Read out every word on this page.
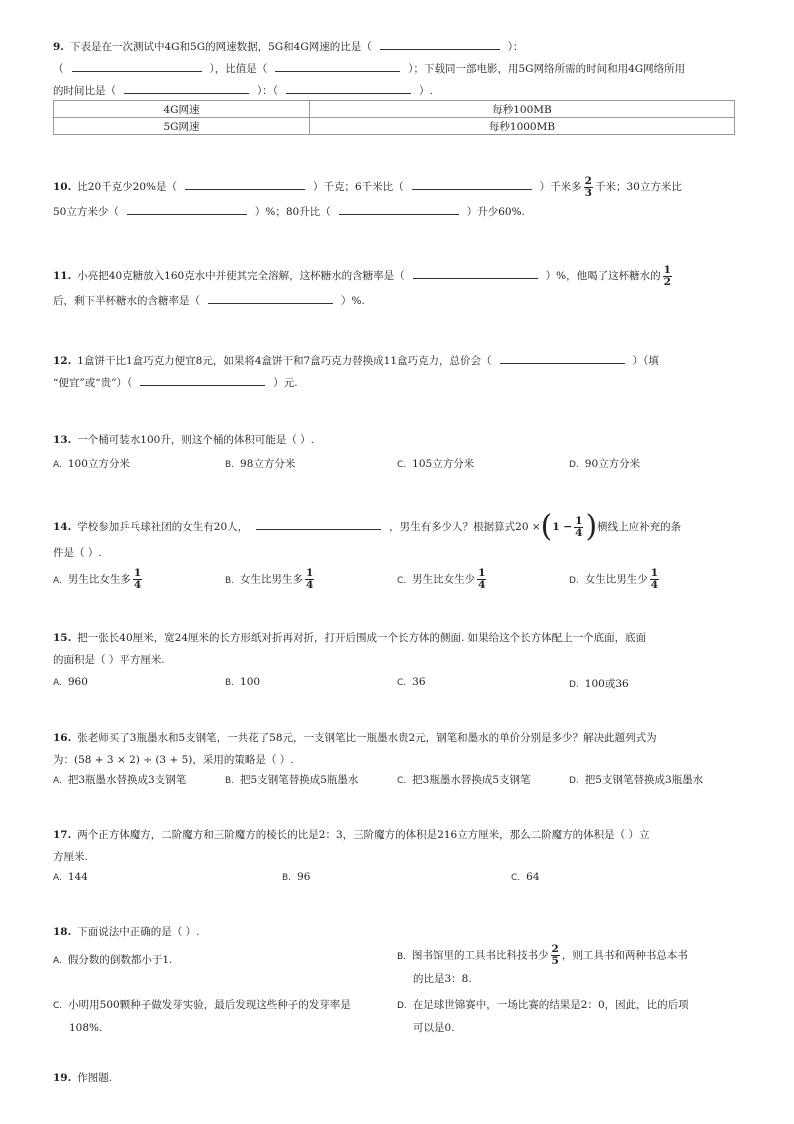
9. 下表是在一次测试中4G和5G的网速数据，5G和4G网速的比是（	）：
（	），比值是（	）；下载同一部电影，用5G网络所需的时间和用4G网络所用
的时间比是（	）：（	）.
4G网速	每秒100MB
5G网速	每秒1000MB
10. 比20千克少20%是（	）千克；6千米比（	）千米多 $\frac{2}{3}$ 千米；30立方米比
50立方米少（	）%；80升比（	）升少60%.
11. 小亮把40克糖放入160克水中并使其完全溶解，这杯糖水的含糖率是（	）%，他喝了这杯糖水的 $\frac{1}{2}$
后，剩下半杯糖水的含糖率是（	）%.
12. 1盒饼干比1盒巧克力便宜8元，如果将4盒饼干和7盒巧克力替换成11盒巧克力，总价会（	）（填
“便宜”或“贵”）（	）元.
13. 一个桶可装水100升，则这个桶的体积可能是（ ）.
A. 100立方分米	B. 98立方分米	C. 105立方分米	D. 90立方分米
14. 学校参加乒乓球社团的女生有20人，	，男生有多少人？根据算式$20 \times(1 - \frac{1}{4}$ )横线上应补充的条
件是（ ）.
A. 男生比女生多 $\frac{1}{4}$	B. 女生比男生多 $\frac{1}{4}$	C. 男生比女生少 $\frac{1}{4}$	D. 女生比男生少 $\frac{1}{4}$
15. 把一张长40厘米，宽24厘米的长方形纸对折再对折，打开后围成一个长方体的侧面. 如果给这个长方体配上一个底面，底面
的面积是（ ）平方厘米.
A. 960	B. 100	C. 36	D. 100或36
16. 张老师买了3瓶墨水和5支钢笔，一共花了58元，一支钢笔比一瓶墨水贵2元，钢笔和墨水的单价分别是多少？解决此题列式为
为：(58 + 3 × 2) ÷ (3 + 5)，采用的策略是（ ）.
A. 把3瓶墨水替换成3支钢笔	B. 把5支钢笔替换成5瓶墨水	C. 把3瓶墨水替换成5支钢笔	D. 把5支钢笔替换成3瓶墨水
17. 两个正方体魔方，二阶魔方和三阶魔方的棱长的比是2：3，三阶魔方的体积是216立方厘米，那么二阶魔方的体积是（ ）立
方厘米.
A. 144	B. 96	C. 64
18. 下面说法中正确的是（ ）.
A. 假分数的倒数都小于1.	B. 图书馆里的工具书比科技书少 $\frac{2}{5}$ ，则工具书和两种书总本书
的比是3：8.
C. 小明用500颗种子做发芽实验，最后发现这些种子的发芽率是
108%.
D. 在足球世锦赛中，一场比赛的结果是2：0，因此，比的后项
可以是0.
19. 作图题.
